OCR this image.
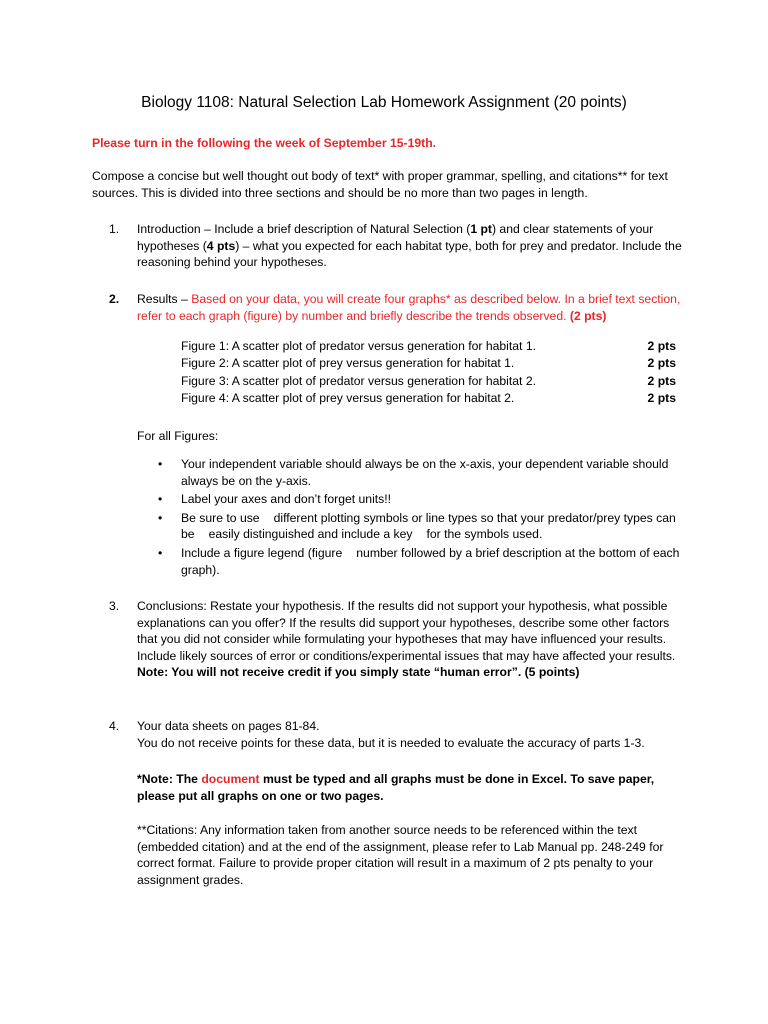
Biology 1108: Natural Selection Lab Homework Assignment (20 points)
Please turn in the following the week of September 15-19th.
Compose a concise but well thought out body of text* with proper grammar, spelling, and citations** for text sources. This is divided into three sections and should be no more than two pages in length.
1. Introduction – Include a brief description of Natural Selection (1 pt) and clear statements of your hypotheses (4 pts) – what you expected for each habitat type, both for prey and predator. Include the reasoning behind your hypotheses.
2. Results – Based on your data, you will create four graphs* as described below. In a brief text section, refer to each graph (figure) by number and briefly describe the trends observed. (2 pts)
Figure 1: A scatter plot of predator versus generation for habitat 1.	2 pts
Figure 2: A scatter plot of prey versus generation for habitat 1.	2 pts
Figure 3: A scatter plot of predator versus generation for habitat 2.	2 pts
Figure 4: A scatter plot of prey versus generation for habitat 2.	2 pts
For all Figures:
• Your independent variable should always be on the x-axis, your dependent variable should always be on the y-axis.
• Label your axes and don’t forget units!!
• Be sure to use different plotting symbols or line types so that your predator/prey types can be easily distinguished and include a key for the symbols used.
• Include a figure legend (figure number followed by a brief description at the bottom of each graph).
3. Conclusions: Restate your hypothesis. If the results did not support your hypothesis, what possible explanations can you offer? If the results did support your hypotheses, describe some other factors that you did not consider while formulating your hypotheses that may have influenced your results.
Include likely sources of error or conditions/experimental issues that may have affected your results. Note: You will not receive credit if you simply state “human error”. (5 points)
4. Your data sheets on pages 81-84.
You do not receive points for these data, but it is needed to evaluate the accuracy of parts 1-3.
*Note: The document must be typed and all graphs must be done in Excel. To save paper, please put all graphs on one or two pages.
**Citations: Any information taken from another source needs to be referenced within the text (embedded citation) and at the end of the assignment, please refer to Lab Manual pp. 248-249 for correct format. Failure to provide proper citation will result in a maximum of 2 pts penalty to your assignment grades.
